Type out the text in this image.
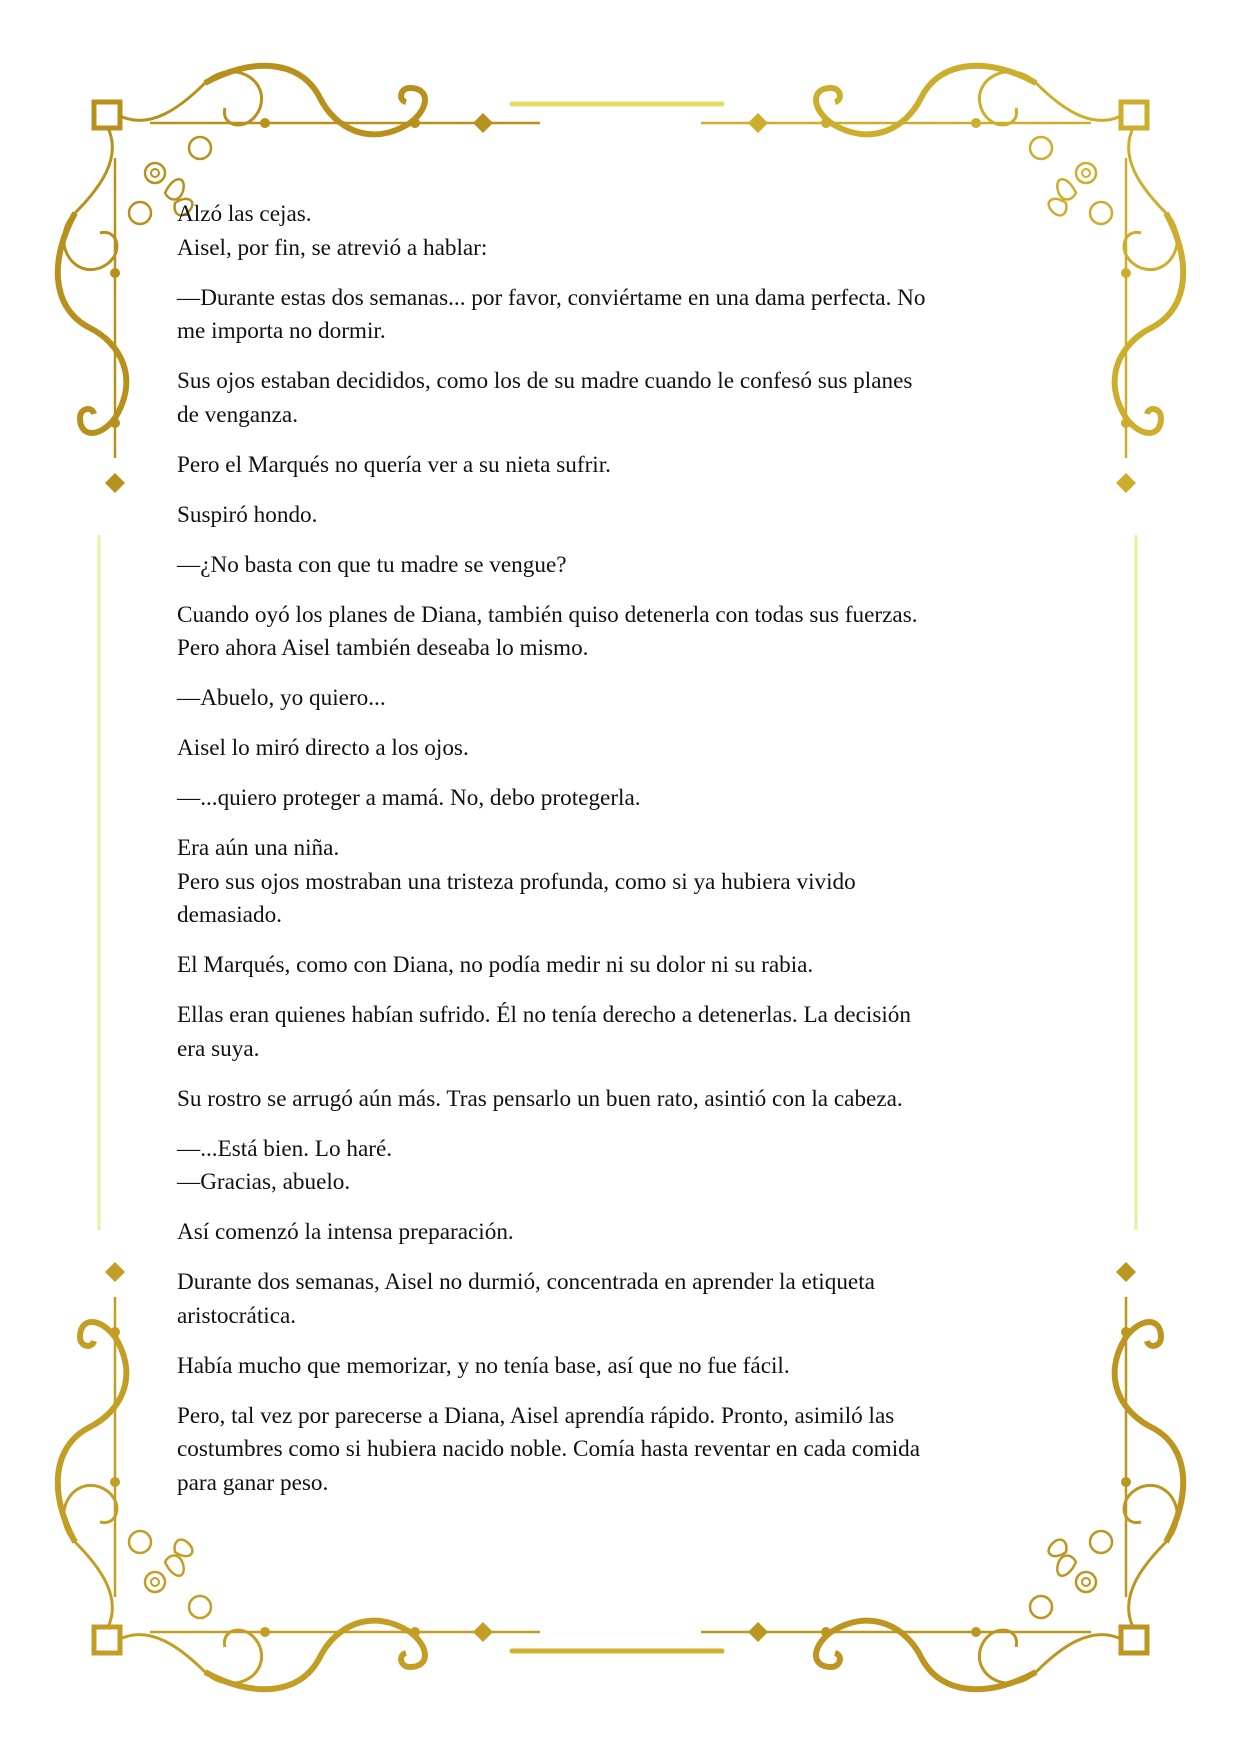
Alzó las cejas.
Aisel, por fin, se atrevió a hablar:

—Durante estas dos semanas... por favor, conviértame en una dama perfecta. No
me importa no dormir.

Sus ojos estaban decididos, como los de su madre cuando le confesó sus planes
de venganza.

Pero el Marqués no quería ver a su nieta sufrir.

Suspiró hondo.

—¿No basta con que tu madre se vengue?

Cuando oyó los planes de Diana, también quiso detenerla con todas sus fuerzas.
Pero ahora Aisel también deseaba lo mismo.

—Abuelo, yo quiero...

Aisel lo miró directo a los ojos.

—...quiero proteger a mamá. No, debo protegerla.

Era aún una niña.
Pero sus ojos mostraban una tristeza profunda, como si ya hubiera vivido
demasiado.

El Marqués, como con Diana, no podía medir ni su dolor ni su rabia.

Ellas eran quienes habían sufrido. Él no tenía derecho a detenerlas. La decisión
era suya.

Su rostro se arrugó aún más. Tras pensarlo un buen rato, asintió con la cabeza.

—...Está bien. Lo haré.
—Gracias, abuelo.

Así comenzó la intensa preparación.

Durante dos semanas, Aisel no durmió, concentrada en aprender la etiqueta
aristocrática.

Había mucho que memorizar, y no tenía base, así que no fue fácil.

Pero, tal vez por parecerse a Diana, Aisel aprendía rápido. Pronto, asimiló las
costumbres como si hubiera nacido noble. Comía hasta reventar en cada comida
para ganar peso.
